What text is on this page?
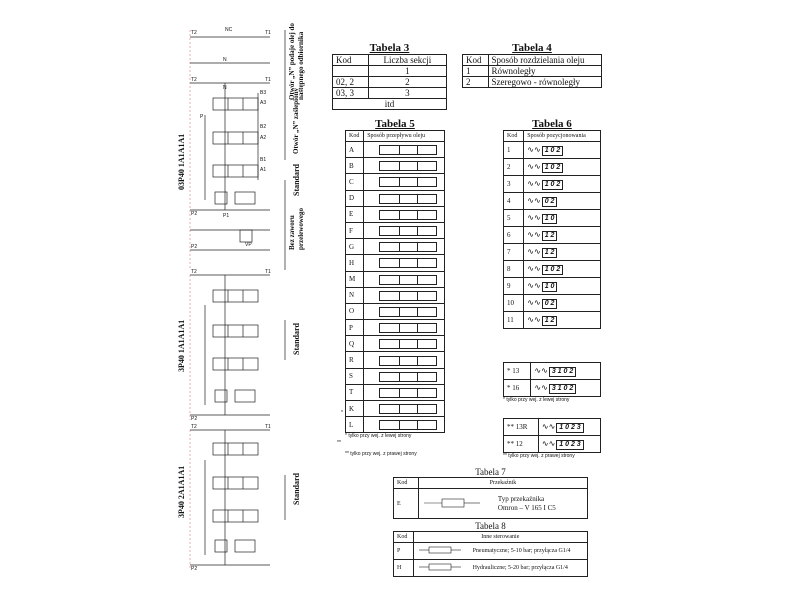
T2	T1
NC
N
T2	T1
N
B3
A3
P
B2
A2
B1
A1
P2	P1
P2	VP
T2	T1
P2
T2	T1
P2
03P40 1A1A1A1
3P40 1A1A1A1
3P40 2A1A1A1
Otwór „N” podaje olej do następnego odbiornika
Otwór „N” zaślepiony
Standard
Bez zaworu przelewowego
Standard
Standard
Tabela 3
Kod	Liczba sekcji
	1
02, 2	2
03, 3	3
itd	
Tabela 4
Kod	Sposób rozdzielania oleju
1	Równoległy
2	Szeregowo - równoległy
Tabela 5
Kod	Sposób przepływu oleju
A	

B	

C	

D	

E	

F	

G	

H	

M	

N	

O	

P	

Q	

R	

S	

T	

K	

L	
* tylko przy wej. z lewej strony
** tylko przy wej. z prawej strony
*
**
Tabela 6
Kod	Sposób pozycjonowania
1	∿∿ 1 0 2
2	∿∿ 1 0 2
3	∿∿ 1 0 2
4	∿∿ 0 2
5	∿∿ 1 0
6	∿∿ 1 2
7	∿∿ 1 2
8	∿∿ 1 0 2
9	∿∿ 1 0
10	∿∿ 0 2
11	∿∿ 1 2
* 13	∿∿ 3 1 0 2
* 16	∿∿ 3 1 0 2
* tylko przy wej. z lewej strony
** 13R	∿∿ 1 0 2 3
** 12	∿∿ 1 0 2 3
** tylko przy wej. z prawej strony
Tabela 7
Kod	Przekaźnik	
E		Typ przekaźnika
Omron – V 165 I C5
Tabela 8
Kod	Inne sterowanie	
P		Pneumatyczne; 5-10 bar; przyłącza G1/4
H		Hydrauliczne; 5-20 bar; przyłącza G1/4
